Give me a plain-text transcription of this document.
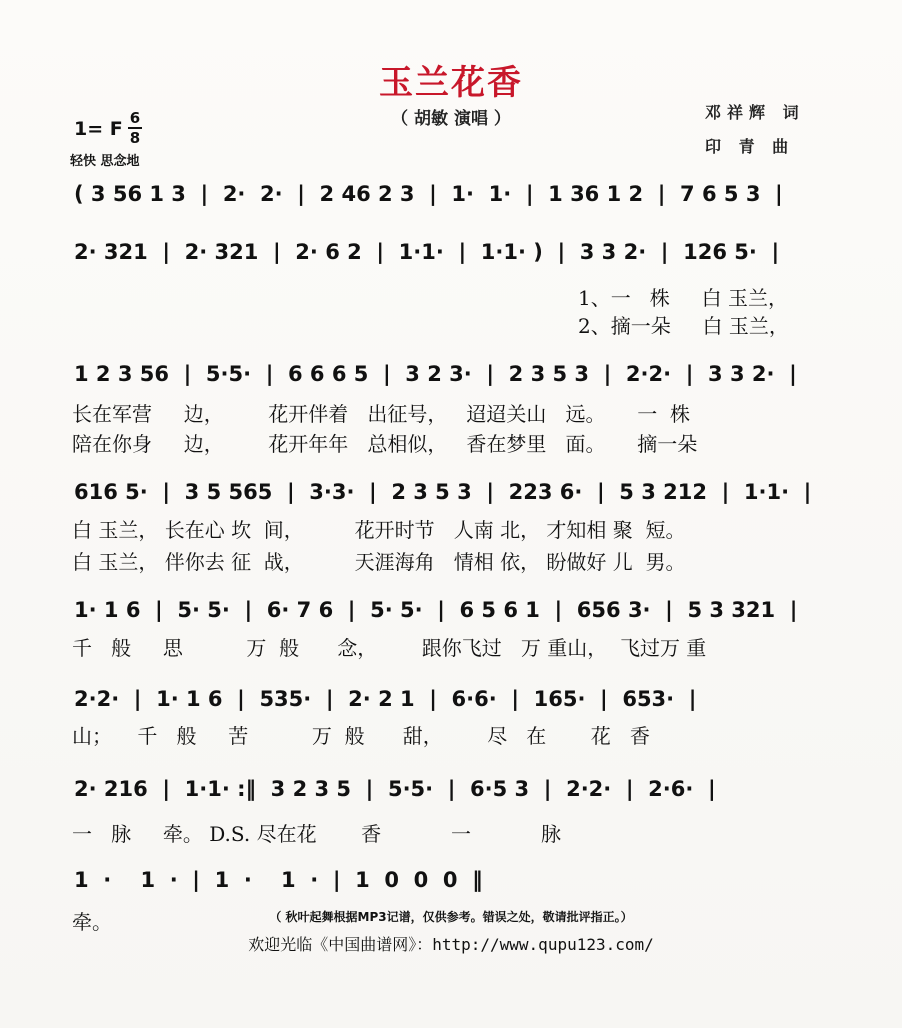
玉兰花香
（ 胡敏 演唱 ）	邓祥辉 词
印 青 曲
1= F 6
8
轻快 思念地
( 3 56 1 3  |  2·  2·  |  2 46 2 3  |  1·  1·  |  1 36 1 2  |  7 6 5 3  |
2· 321  |  2· 321  |  2· 6 2  |  1·1·  |  1·1· )  |  3 3 2·  |  126 5·  |
1、一   株     白 玉兰，
2、摘一朵     白 玉兰，
1 2 3 56  |  5·5·  |  6 6 6 5  |  3 2 3·  |  2 3 5 3  |  2·2·  |  3 3 2·  |
长在军营     边，       花开伴着   出征号，   迢迢关山   远。     一  株
陪在你身     边，       花开年年   总相似，   香在梦里   面。     摘一朵
616 5·  |  3 5 565  |  3·3·  |  2 3 5 3  |  223 6·  |  5 3 212  |  1·1·  |
白 玉兰， 长在心 坎  间，        花开时节   人南 北， 才知相 聚  短。
白 玉兰， 伴你去 征  战，        天涯海角   情相 依， 盼做好 儿  男。
1· 1 6  |  5· 5·  |  6· 7 6  |  5· 5·  |  6 5 6 1  |  656 3·  |  5 3 321  |
千   般     思          万  般      念，       跟你飞过   万 重山，  飞过万 重
2·2·  |  1· 1 6  |  535·  |  2· 2 1  |  6·6·  |  165·  |  653·  |
山；    千   般     苦          万  般      甜，       尽   在       花   香
2· 216  |  1·1· :‖  3 2 3 5  |  5·5·  |  6·5 3  |  2·2·  |  2·6·  |
一   脉     牵。 D.S. 尽在花       香           一           脉
1  ·    1  ·  |  1  ·    1  ·  |  1  0  0  0  ‖
牵。	（ 秋叶起舞根据MP3记谱，仅供参考。错误之处，敬请批评指正。）
欢迎光临《中国曲谱网》：http://www.qupu123.com/
